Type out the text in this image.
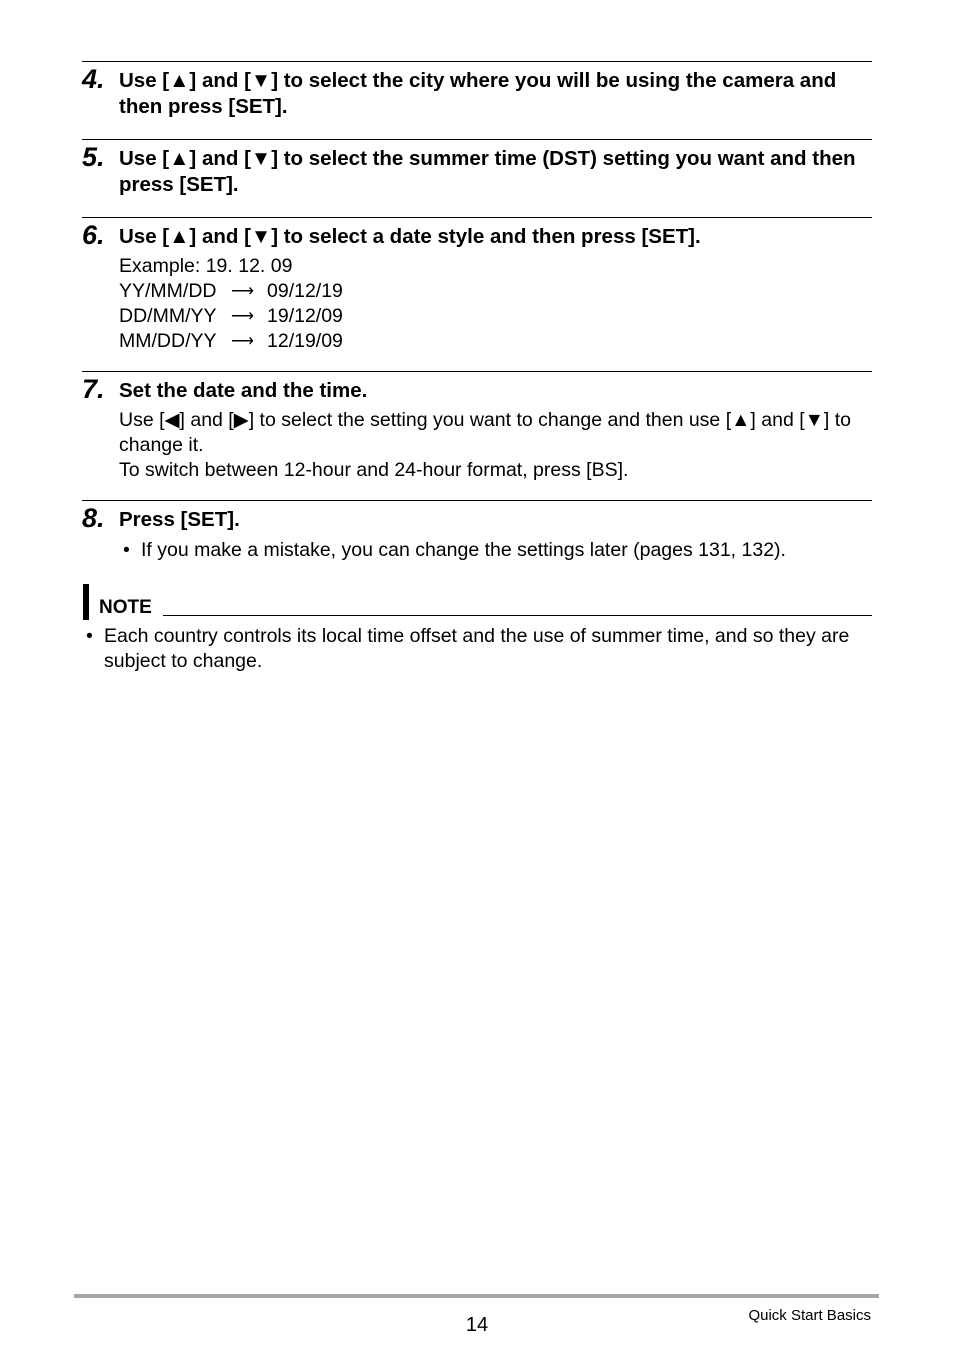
4. Use [▲] and [▼] to select the city where you will be using the camera and then press [SET].
5. Use [▲] and [▼] to select the summer time (DST) setting you want and then press [SET].
6. Use [▲] and [▼] to select a date style and then press [SET].
Example: 19. 12. 09
YY/MM/DD ⟶ 09/12/19
DD/MM/YY ⟶ 19/12/09
MM/DD/YY ⟶ 12/19/09
7. Set the date and the time.
Use [◀] and [▶] to select the setting you want to change and then use [▲] and [▼] to change it.
To switch between 12-hour and 24-hour format, press [BS].
8. Press [SET].
• If you make a mistake, you can change the settings later (pages 131, 132).
NOTE
• Each country controls its local time offset and the use of summer time, and so they are subject to change.
14	Quick Start Basics
